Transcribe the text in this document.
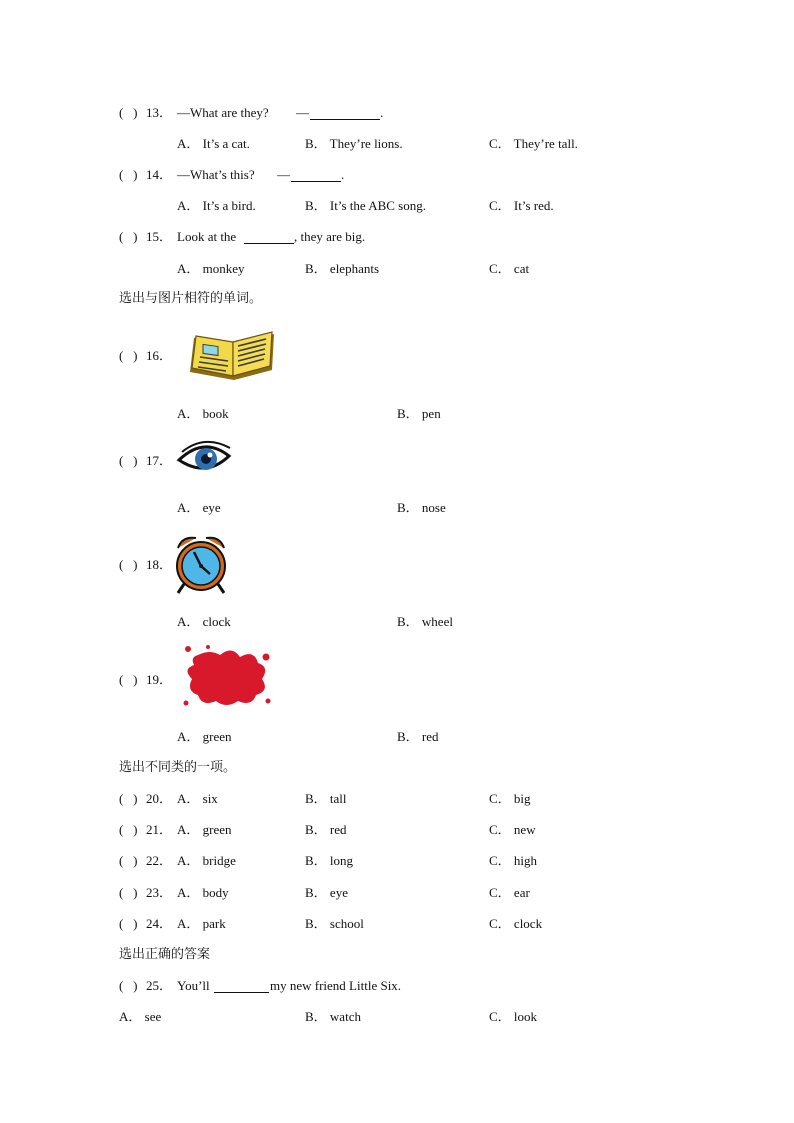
(   ) 13． —What are they? —	.
A． It’s a cat.	B． They’re lions.	C． They’re tall.
(   ) 14． —What’s this? —	.
A． It’s a bird.	B． It’s the ABC song.	C． It’s red.
(   ) 15． Look at the	, they are big.
A． monkey	B． elephants	C． cat
选出与图片相符的单词。
(   ) 16．
A． book	B． pen
(   ) 17．
A． eye	B． nose
(   ) 18．
A． clock	B． wheel
(   ) 19．
A． green	B． red
选出不同类的一项。
(   ) 20． A． six	B． tall	C． big
(   ) 21． A． green	B． red	C． new
(   ) 22． A． bridge	B． long	C． high
(   ) 23． A． body	B． eye	C． ear
(   ) 24． A． park	B． school	C． clock
选出正确的答案
(   ) 25． You’ll	my new friend Little Six.
A． see	B． watch	C． look
